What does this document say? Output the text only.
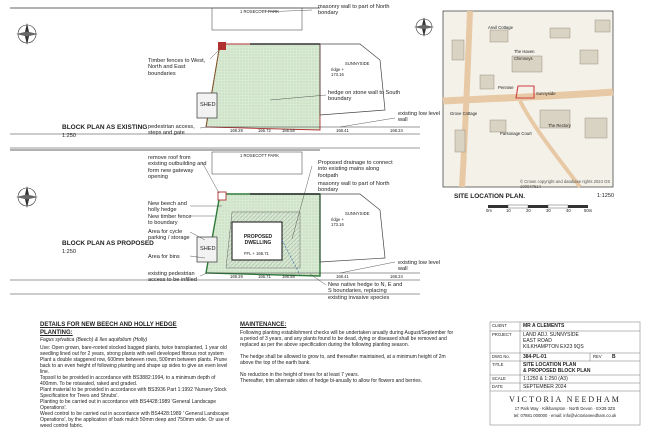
BLOCK PLAN AS EXISTING
1:250
1 ROSECOTT PARK
masonry wall to part of North bondary
Timber fences to West, North and East boundaries
hedge on stone wall to South boundary
pedestrian access, steps and gate
existing low level wall
SHED
SUNNYSIDE
ridge + 173.16
169.29	166.72	166.58	168.41	168.24
BLOCK PLAN AS PROPOSED
1:250
1 ROSECOTT PARK
remove roof from existing outbuilding and form new gateway opening
Proposed drainage to connect into existing mains along footpath
masonry wall to part of North bondary
New beech and holly hedge
New timber fence to boundary
Area for cycle parking / storage
Area for bins
existing pedestrian access to be infilled
New native hedge to N, E and S boundaries, replacing existing invasive species
existing low level wall
SHED
SUNNYSIDE
ridge + 173.16
PROPOSED DWELLING
FFL + 166.71
169.29	166.71	166.58	168.41	168.24
Anvil Cottage
The Haven
Chimneys
Penrose
Sunnyside
Parsonage Court
The Rectory
Grove Cottage
© Crown copyright and database rights 2024 OS 100047514
SITE LOCATION PLAN.	1:1250
0m	10	20	30	40	50m
DETAILS FOR NEW BEECH AND HOLLY HEDGE
PLANTING:
Fagus sylvatica (Beech) & Ilex aquifolium (Holly)
Use: Open grown, bare-rooted stocked bagged plants, twice transplanted, 1 year old seedling lined out for 2 years, strong plants with well developed fibrous root system
Plant a double staggered row, 600mm between rows, 500mm between plants. Prune back to an even height of following planting and shape up sides to give an even level line.
Topsoil to be provided in accordance with BS3882:1994, to a minimum depth of 400mm. To be rotavated, raked and graded.
Plant material to be provided in accordance with BS3936 Part 1:1992 'Nursery Stock Specification for Trees and Shrubs'.
Planting to be carried out in accordance with BS4428:1989 'General Landscape Operations'.
Weed control to be carried out in accordance with BS4428:1989 ' General Landscape Operations', by the application of bark mulch 50mm deep and 750mm wide. Or use of weed control fabric.
MAINTENANCE:
Following planting establishment checks will be undertaken anually during August/September for a period of 3 years, and any plants found to be dead, dying or diseased shall be removed and replaced as per the above specification during the following planting season.

The hedge shall be allowed to grow to, and thereafter maintained, at a minimum height of 2m above the top of the earth bank.

No reduction in the height of trees for at least 7 years.
Thereafter, trim alternate sides of hedge bi-anually to allow for flowers and berries.
CLIENT	MR A CLEMENTS
PROJECT LAND ADJ. SUNNYSIDE
EAST ROAD
KILKHAMPTON EX23 9QS
DWG No.	384-PL-01	REV B
TITLE	SITE LOCATION PLAN
& PROPOSED BLOCK PLAN
SCALE	1:1250 & 1:250 (A3)
DATE	SEPTEMBER 2024
VICTORIA NEEDHAM
17 Park Way · Kilkhampton · North Devon · EX39 3ZS
tel: 07881 000000 · email: info@victorianeedham.co.uk
